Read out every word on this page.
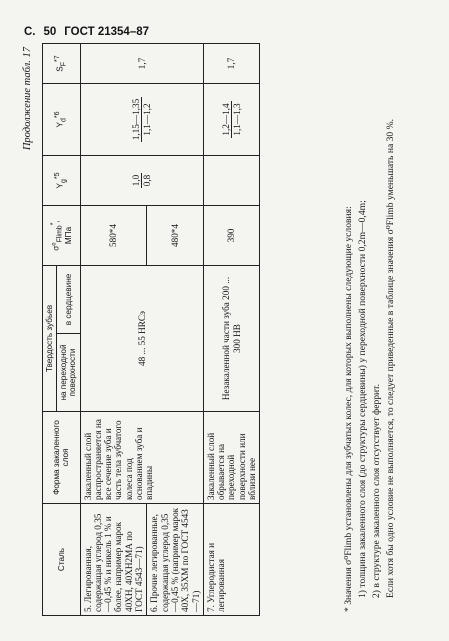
С. 50 ГОСТ 21354–87
Продолжение табл. 17
Сталь	Форма закаленного слоя	Твердость зубьев		$\sigma^0_{Flimb}^*$,
МПа	$Y_g^{*5}$	$Y_d^{*6}$	$S_F^{*7}$
		на переходной поверхности	в сердцевине				
5. Легированная, содержащая углерод 0,35—0,45 % и никель 1 % и более, например марок 40ХН, 40ХН2МА по ГОСТ 4543—71)	Закаленный слой распространяется на все сечение зуба и часть тела зубчатого колеса под основанием зуба и впадины	48 ... 55 HRCэ		580*4	1,0 0,8	1,15—1,35 1,1—1,2	1,7
6. Прочие легированные, содержащая углерод 0,35—0,45 % (например марок 40Х, 35ХМ по ГОСТ 4543—71)				480*4			
7. Углеродистая и легированная	Закаленный слой обрывается на переходной поверхности или вблизи нее	Незакаленной части зуба 200 ... 300 HB		390		1,2—1,4 1,1—1,3	1,7

* Значения σ⁰Flimb установлены для зубчатых колес, для которых выполнены следующие условия: 1) толщина закаленного слоя (до структуры сердцевины) у переходной поверхности 0,2m—0,4m; 2) в структуре закаленного слоя отсутствует феррит. Если хотя бы одно условие не выполняется, то следует приведенные в таблице значения σ⁰Flimb уменьшать на 30 %.
